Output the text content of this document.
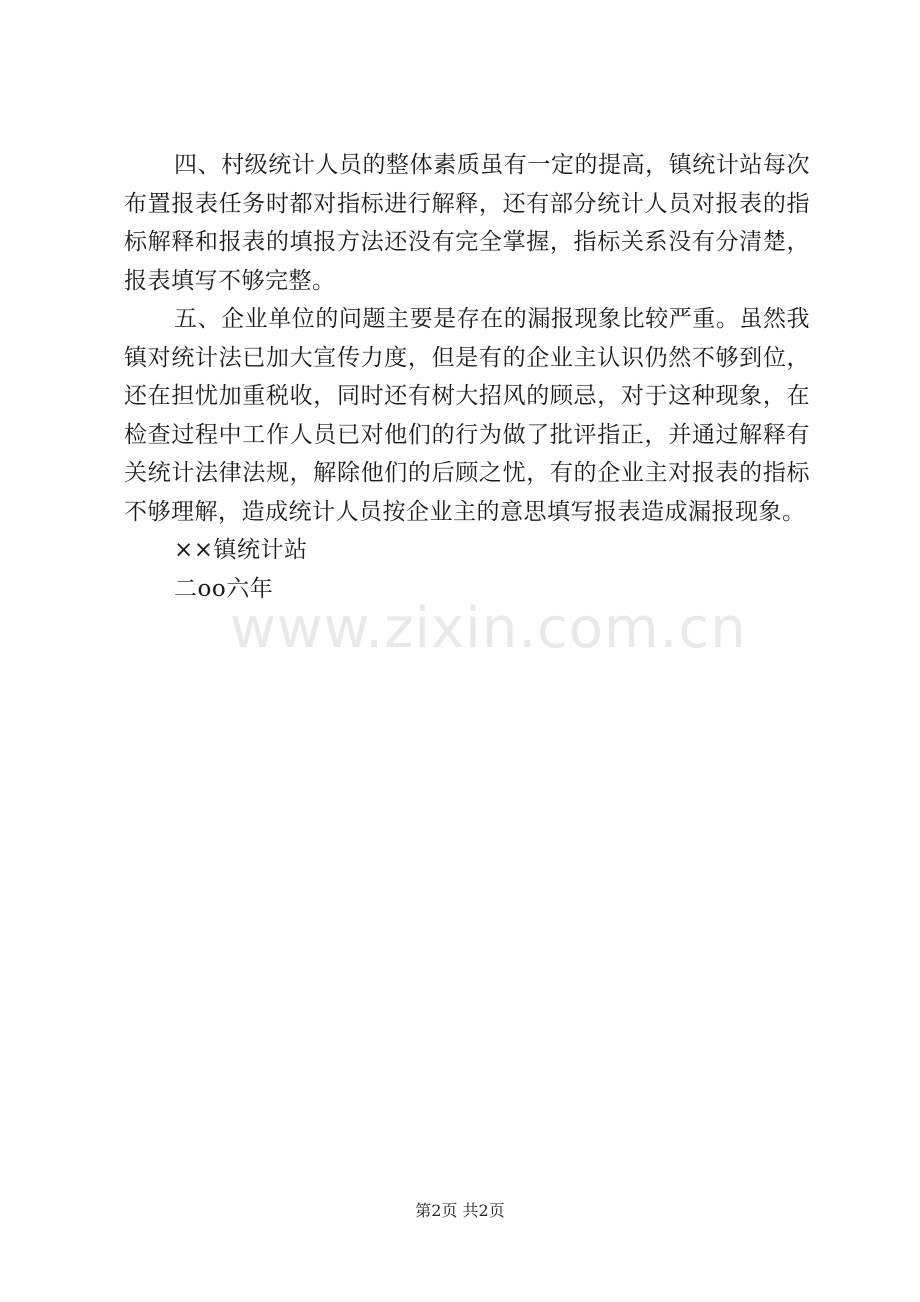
四、村级统计人员的整体素质虽有一定的提高，镇统计站每次布置报表任务时都对指标进行解释，还有部分统计人员对报表的指标解释和报表的填报方法还没有完全掌握，指标关系没有分清楚，报表填写不够完整。

五、企业单位的问题主要是存在的漏报现象比较严重。虽然我镇对统计法已加大宣传力度，但是有的企业主认识仍然不够到位，还在担忧加重税收，同时还有树大招风的顾忌，对于这种现象，在检查过程中工作人员已对他们的行为做了批评指正，并通过解释有关统计法律法规，解除他们的后顾之忧，有的企业主对报表的指标不够理解，造成统计人员按企业主的意思填写报表造成漏报现象。

××镇统计站

二oo六年

www.zixin.com.cn
第2页 共2页
